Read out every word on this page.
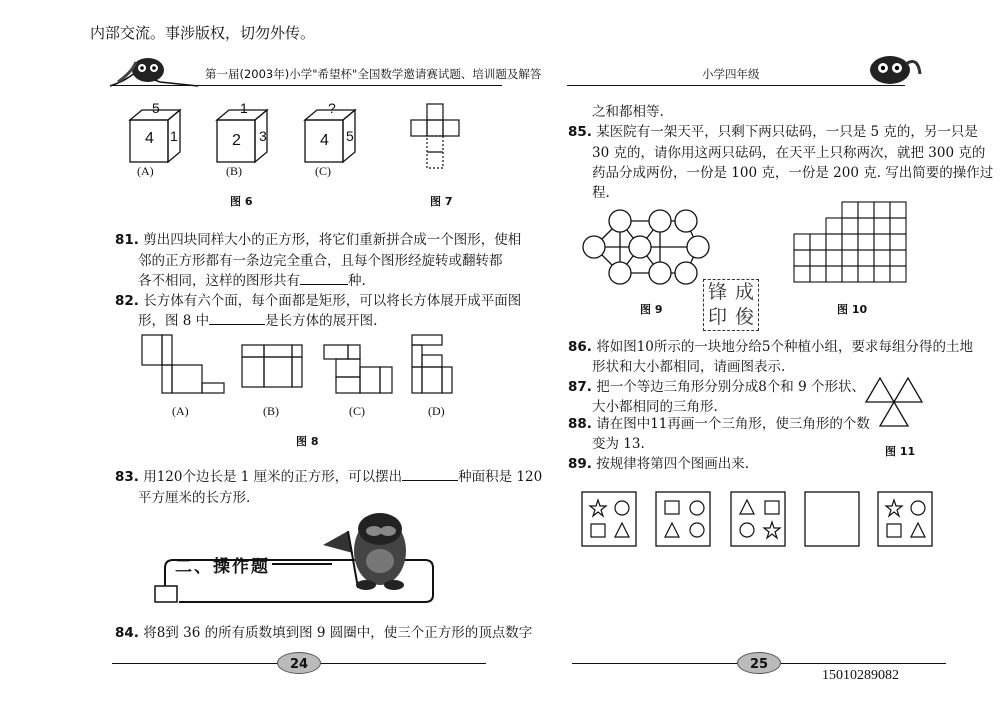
内部交流。事涉版权，切勿外传。
第一届(2003年)小学"希望杯"全国数学邀请赛试题、培训题及解答
4
5
1	2
1
3	4
?
5
(A)	(B)	(C)
图 6	图 7
81. 剪出四块同样大小的正方形，将它们重新拼合成一个图形，使相
邻的正方形都有一条边完全重合，且每个图形经旋转或翻转都
各不相同，这样的图形共有	种.
82. 长方体有六个面，每个面都是矩形，可以将长方体展开成平面图
形，图 8 中	是长方体的展开图.
(A)	(B)	(C)	(D)
图 8
83. 用120个边长是 1 厘米的正方形，可以摆出	种面积是 120
平方厘米的长方形.
二、操作题
84. 将8到 36 的所有质数填到图 9 圆圈中，使三个正方形的顶点数字
24
小学四年级
之和都相等.
85. 某医院有一架天平，只剩下两只砝码，一只是 5 克的，另一只是
30 克的，请你用这两只砝码，在天平上只称两次，就把 300 克的
药品分成两份，一份是 100 克，一份是 200 克. 写出简要的操作过
程.
图 9
锋 成
印 俊	图 10
86. 将如图10所示的一块地分给5个种植小组，要求每组分得的土地
形状和大小都相同，请画图表示.
87. 把一个等边三角形分别分成8个和 9 个形状、
大小都相同的三角形.
88. 请在图中11再画一个三角形，使三角形的个数
变为 13.	图 11
89. 按规律将第四个图画出来.
25
15010289082
